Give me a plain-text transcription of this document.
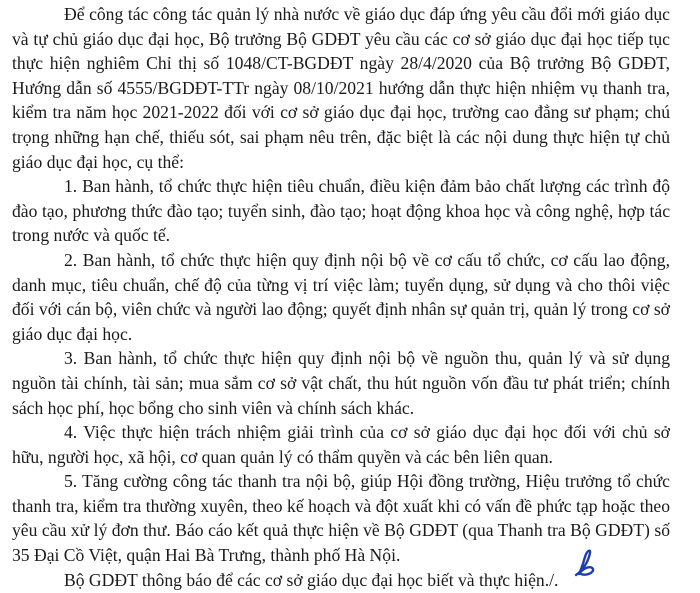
Để công tác công tác quản lý nhà nước về giáo dục đáp ứng yêu cầu đổi mới giáo dục và tự chủ giáo dục đại học, Bộ trưởng Bộ GDĐT yêu cầu các cơ sở giáo dục đại học tiếp tục thực hiện nghiêm Chỉ thị số 1048/CT-BGDĐT ngày 28/4/2020 của Bộ trưởng Bộ GDĐT, Hướng dẫn số 4555/BGDĐT-TTr ngày 08/10/2021 hướng dẫn thực hiện nhiệm vụ thanh tra, kiểm tra năm học 2021-2022 đối với cơ sở giáo dục đại học, trường cao đẳng sư phạm; chú trọng những hạn chế, thiếu sót, sai phạm nêu trên, đặc biệt là các nội dung thực hiện tự chủ giáo dục đại học, cụ thể:

1. Ban hành, tổ chức thực hiện tiêu chuẩn, điều kiện đảm bảo chất lượng các trình độ đào tạo, phương thức đào tạo; tuyển sinh, đào tạo; hoạt động khoa học và công nghệ, hợp tác trong nước và quốc tế.

2. Ban hành, tổ chức thực hiện quy định nội bộ về cơ cấu tổ chức, cơ cấu lao động, danh mục, tiêu chuẩn, chế độ của từng vị trí việc làm; tuyển dụng, sử dụng và cho thôi việc đối với cán bộ, viên chức và người lao động; quyết định nhân sự quản trị, quản lý trong cơ sở giáo dục đại học.

3. Ban hành, tổ chức thực hiện quy định nội bộ về nguồn thu, quản lý và sử dụng nguồn tài chính, tài sản; mua sắm cơ sở vật chất, thu hút nguồn vốn đầu tư phát triển; chính sách học phí, học bổng cho sinh viên và chính sách khác.

4. Việc thực hiện trách nhiệm giải trình của cơ sở giáo dục đại học đối với chủ sở hữu, người học, xã hội, cơ quan quản lý có thẩm quyền và các bên liên quan.

5. Tăng cường công tác thanh tra nội bộ, giúp Hội đồng trường, Hiệu trưởng tổ chức thanh tra, kiểm tra thường xuyên, theo kế hoạch và đột xuất khi có vấn đề phức tạp hoặc theo yêu cầu xử lý đơn thư. Báo cáo kết quả thực hiện về Bộ GDĐT (qua Thanh tra Bộ GDĐT) số 35 Đại Cồ Việt, quận Hai Bà Trưng, thành phố Hà Nội.

Bộ GDĐT thông báo để các cơ sở giáo dục đại học biết và thực hiện./.
